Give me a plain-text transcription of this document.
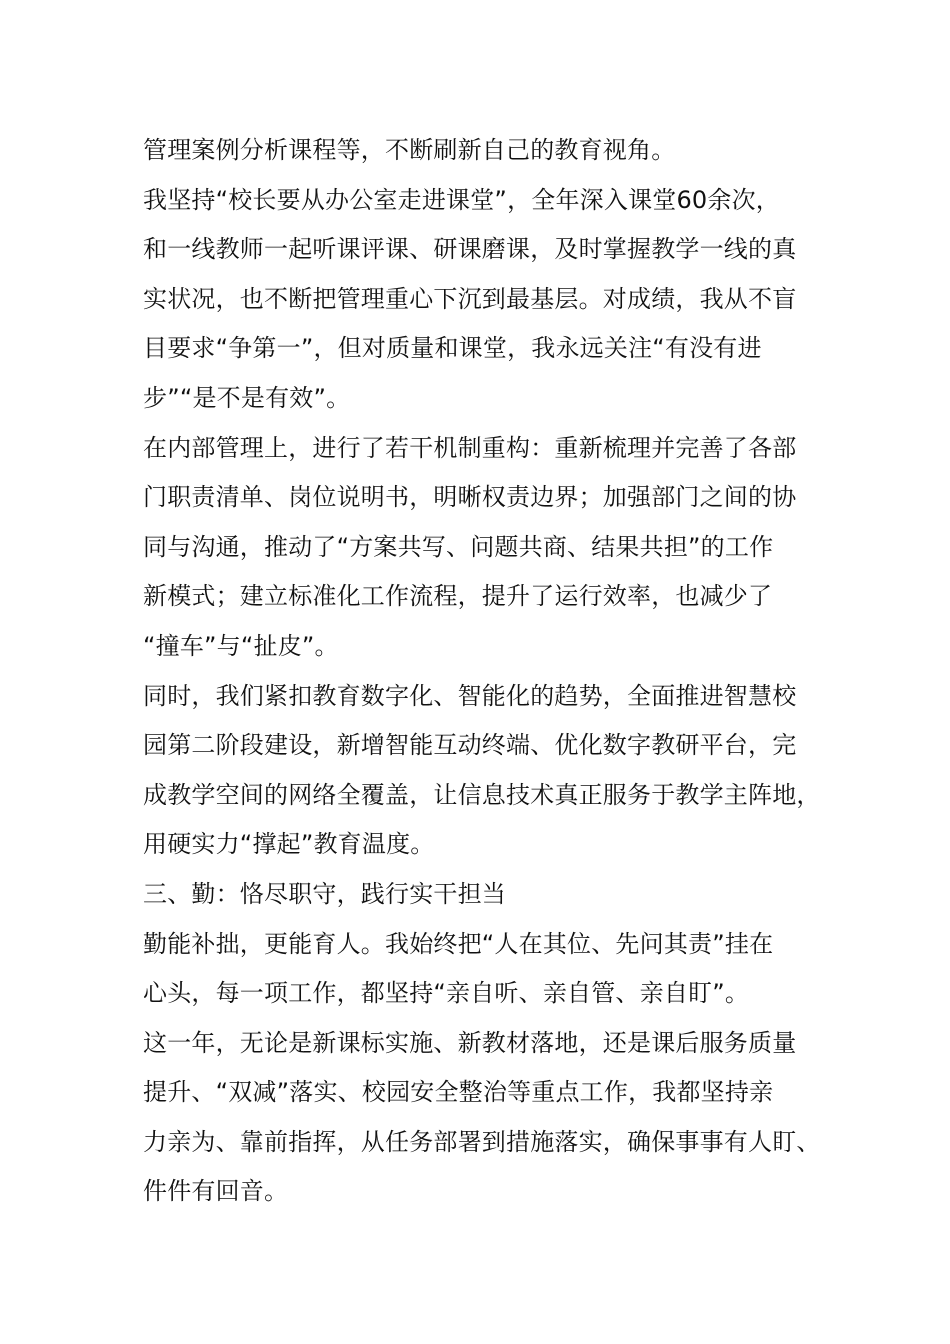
管理案例分析课程等，不断刷新自己的教育视角。
我坚持“校长要从办公室走进课堂”，全年深入课堂60余次，
和一线教师一起听课评课、研课磨课，及时掌握教学一线的真
实状况，也不断把管理重心下沉到最基层。对成绩，我从不盲
目要求“争第一”，但对质量和课堂，我永远关注“有没有进
步”“是不是有效”。
在内部管理上，进行了若干机制重构：重新梳理并完善了各部
门职责清单、岗位说明书，明晰权责边界；加强部门之间的协
同与沟通，推动了“方案共写、问题共商、结果共担”的工作
新模式；建立标准化工作流程，提升了运行效率，也减少了
“撞车”与“扯皮”。
同时，我们紧扣教育数字化、智能化的趋势，全面推进智慧校
园第二阶段建设，新增智能互动终端、优化数字教研平台，完
成教学空间的网络全覆盖，让信息技术真正服务于教学主阵地，
用硬实力“撑起”教育温度。
三、勤：恪尽职守，践行实干担当
勤能补拙，更能育人。我始终把“人在其位、先问其责”挂在
心头，每一项工作，都坚持“亲自听、亲自管、亲自盯”。
这一年，无论是新课标实施、新教材落地，还是课后服务质量
提升、“双减”落实、校园安全整治等重点工作，我都坚持亲
力亲为、靠前指挥，从任务部署到措施落实，确保事事有人盯、
件件有回音。
